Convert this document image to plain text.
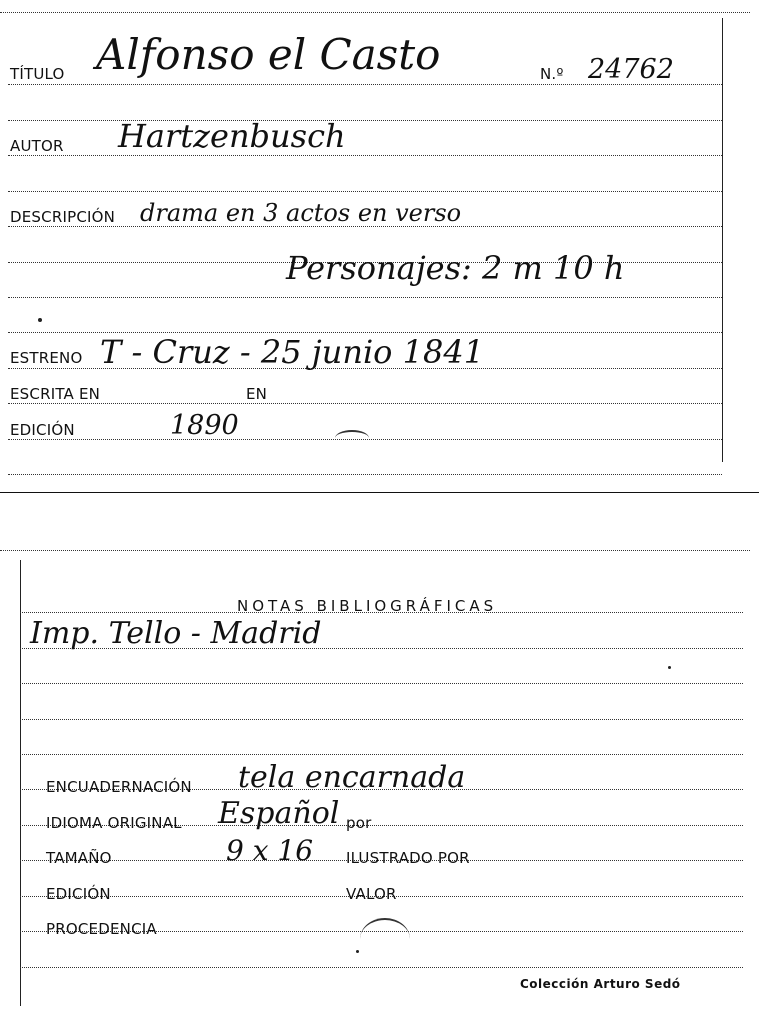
TÍTULO Alfonso el Casto	N.º 24762
AUTOR Hartzenbusch
DESCRIPCIÓN drama en 3 actos en verso
Personajes: 2 m 10 h
ESTRENO T - Cruz - 25 junio 1841
ESCRITA EN	EN
EDICIÓN	1890
NOTAS BIBLIOGRÁFICAS
Imp. Tello - Madrid
ENCUADERNACIÓN tela encarnada
IDIOMA ORIGINAL Español por
TAMAÑO	9 x 16 ILUSTRADO POR
EDICIÓN	VALOR
PROCEDENCIA
Colección Arturo Sedó
